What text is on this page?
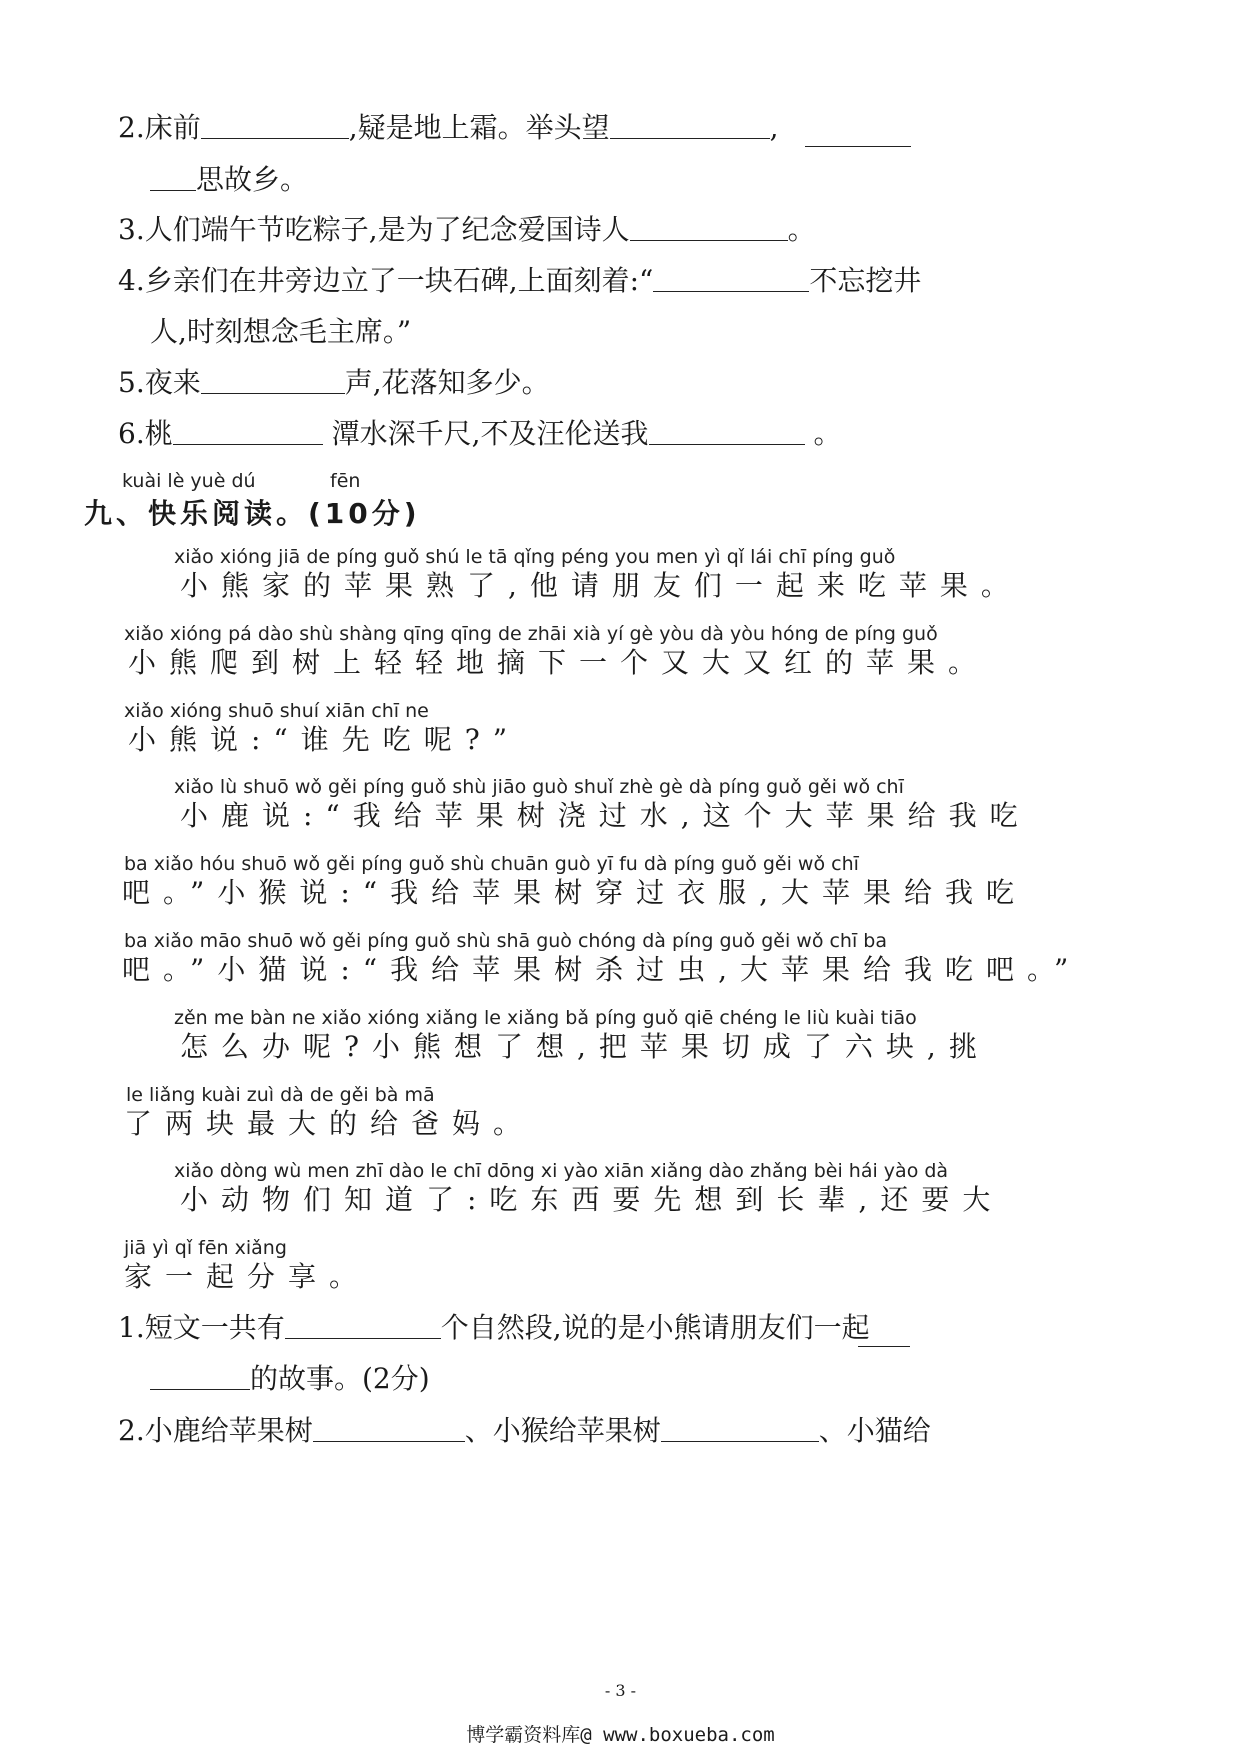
2.床前	,疑是地上霜。举头望	,
思故乡。
3.人们端午节吃粽子,是为了纪念爱国诗人	。
4.乡亲们在井旁边立了一块石碑,上面刻着:“	不忘挖井
人,时刻想念毛主席。”
5.夜来	声,花落知多少。
6.桃	潭水深千尺,不及汪伦送我	。
kuài lè yuè dú	fēn
九、快乐阅读。(10分)
xiǎo xióng jiā de píng guǒ shú le tā qǐng péng you men yì qǐ lái chī píng guǒ
小熊家的苹果熟了,他请朋友们一起来吃苹果。
xiǎo xióng pá dào shù shàng qīng qīng de zhāi xià yí gè yòu dà yòu hóng de píng guǒ
小熊爬到树上轻轻地摘下一个又大又红的苹果。
xiǎo xióng shuō shuí xiān chī ne
小熊说:“谁先吃呢?”
xiǎo lù shuō wǒ gěi píng guǒ shù jiāo guò shuǐ zhè gè dà píng guǒ gěi wǒ chī
小鹿说:“我给苹果树浇过水,这个大苹果给我吃
ba xiǎo hóu shuō wǒ gěi píng guǒ shù chuān guò yī fu dà píng guǒ gěi wǒ chī
吧。”小猴说:“我给苹果树穿过衣服,大苹果给我吃
ba xiǎo māo shuō wǒ gěi píng guǒ shù shā guò chóng dà píng guǒ gěi wǒ chī ba
吧。”小猫说:“我给苹果树杀过虫,大苹果给我吃吧。”
zěn me bàn ne xiǎo xióng xiǎng le xiǎng bǎ píng guǒ qiē chéng le liù kuài tiāo
怎么办呢?小熊想了想,把苹果切成了六块,挑
le liǎng kuài zuì dà de gěi bà mā
了两块最大的给爸妈。
xiǎo dòng wù men zhī dào le chī dōng xi yào xiān xiǎng dào zhǎng bèi hái yào dà
小动物们知道了:吃东西要先想到长辈,还要大
jiā yì qǐ fēn xiǎng
家一起分享。
1.短文一共有	个自然段,说的是小熊请朋友们一起
的故事。(2分)
2.小鹿给苹果树	、小猴给苹果树	、小猫给
- 3 -
博学霸资料库@ www.boxueba.com
